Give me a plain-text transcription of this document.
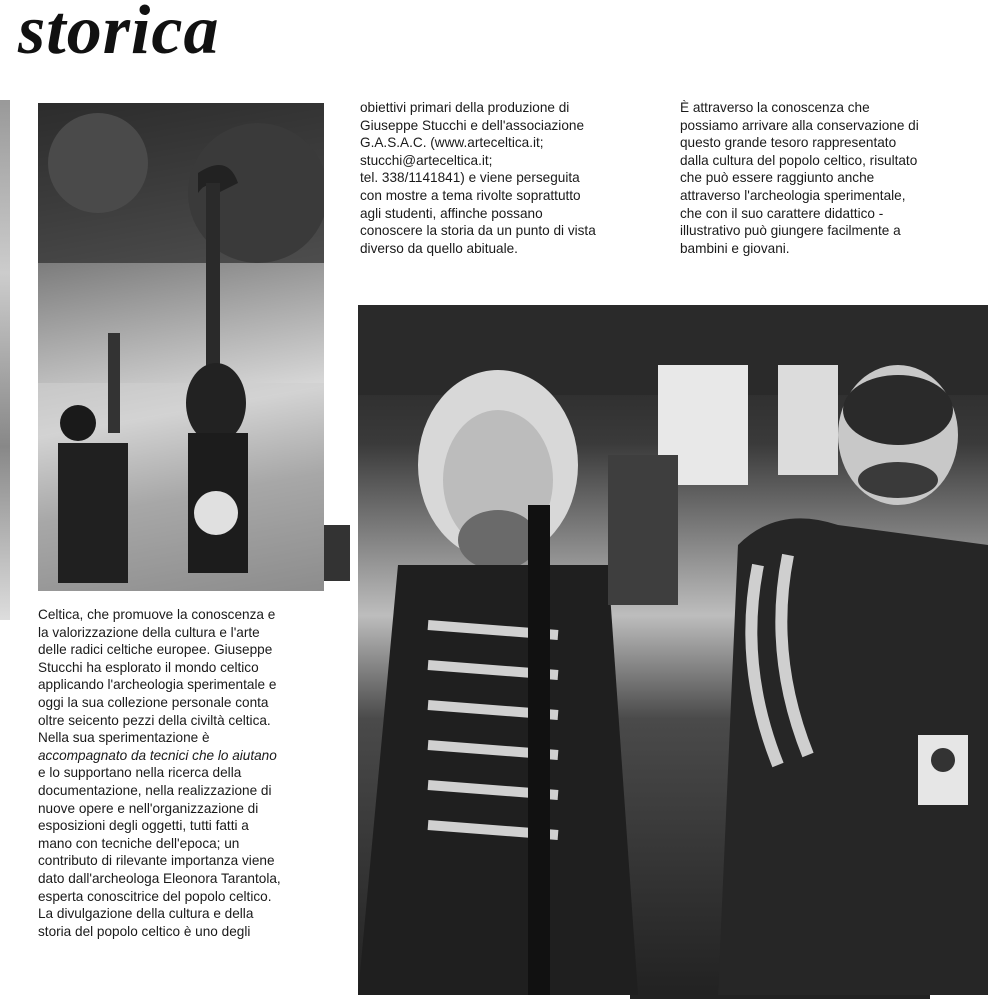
storica
Celtica, che promuove la conoscenza e
la valorizzazione della cultura e l'arte
delle radici celtiche europee. Giuseppe
Stucchi ha esplorato il mondo celtico
applicando l'archeologia sperimentale e
oggi la sua collezione personale conta
oltre seicento pezzi della civiltà celtica.
Nella sua sperimentazione è
accompagnato da tecnici che lo aiutano
e lo supportano nella ricerca della
documentazione, nella realizzazione di
nuove opere e nell'organizzazione di
esposizioni degli oggetti, tutti fatti a
mano con tecniche dell'epoca; un
contributo di rilevante importanza viene
dato dall'archeologa Eleonora Tarantola,
esperta conoscitrice del popolo celtico.
La divulgazione della cultura e della
storia del popolo celtico è uno degli
obiettivi primari della produzione di
Giuseppe Stucchi e dell'associazione
G.A.S.A.C. (www.arteceltica.it;
stucchi@arteceltica.it;
tel. 338/1141841) e viene perseguita
con mostre a tema rivolte soprattutto
agli studenti, affinche possano
conoscere la storia da un punto di vista
diverso da quello abituale.
È attraverso la conoscenza che
possiamo arrivare alla conservazione di
questo grande tesoro rappresentato
dalla cultura del popolo celtico, risultato
che può essere raggiunto anche
attraverso l'archeologia sperimentale,
che con il suo carattere didattico -
illustrativo può giungere facilmente a
bambini e giovani.
